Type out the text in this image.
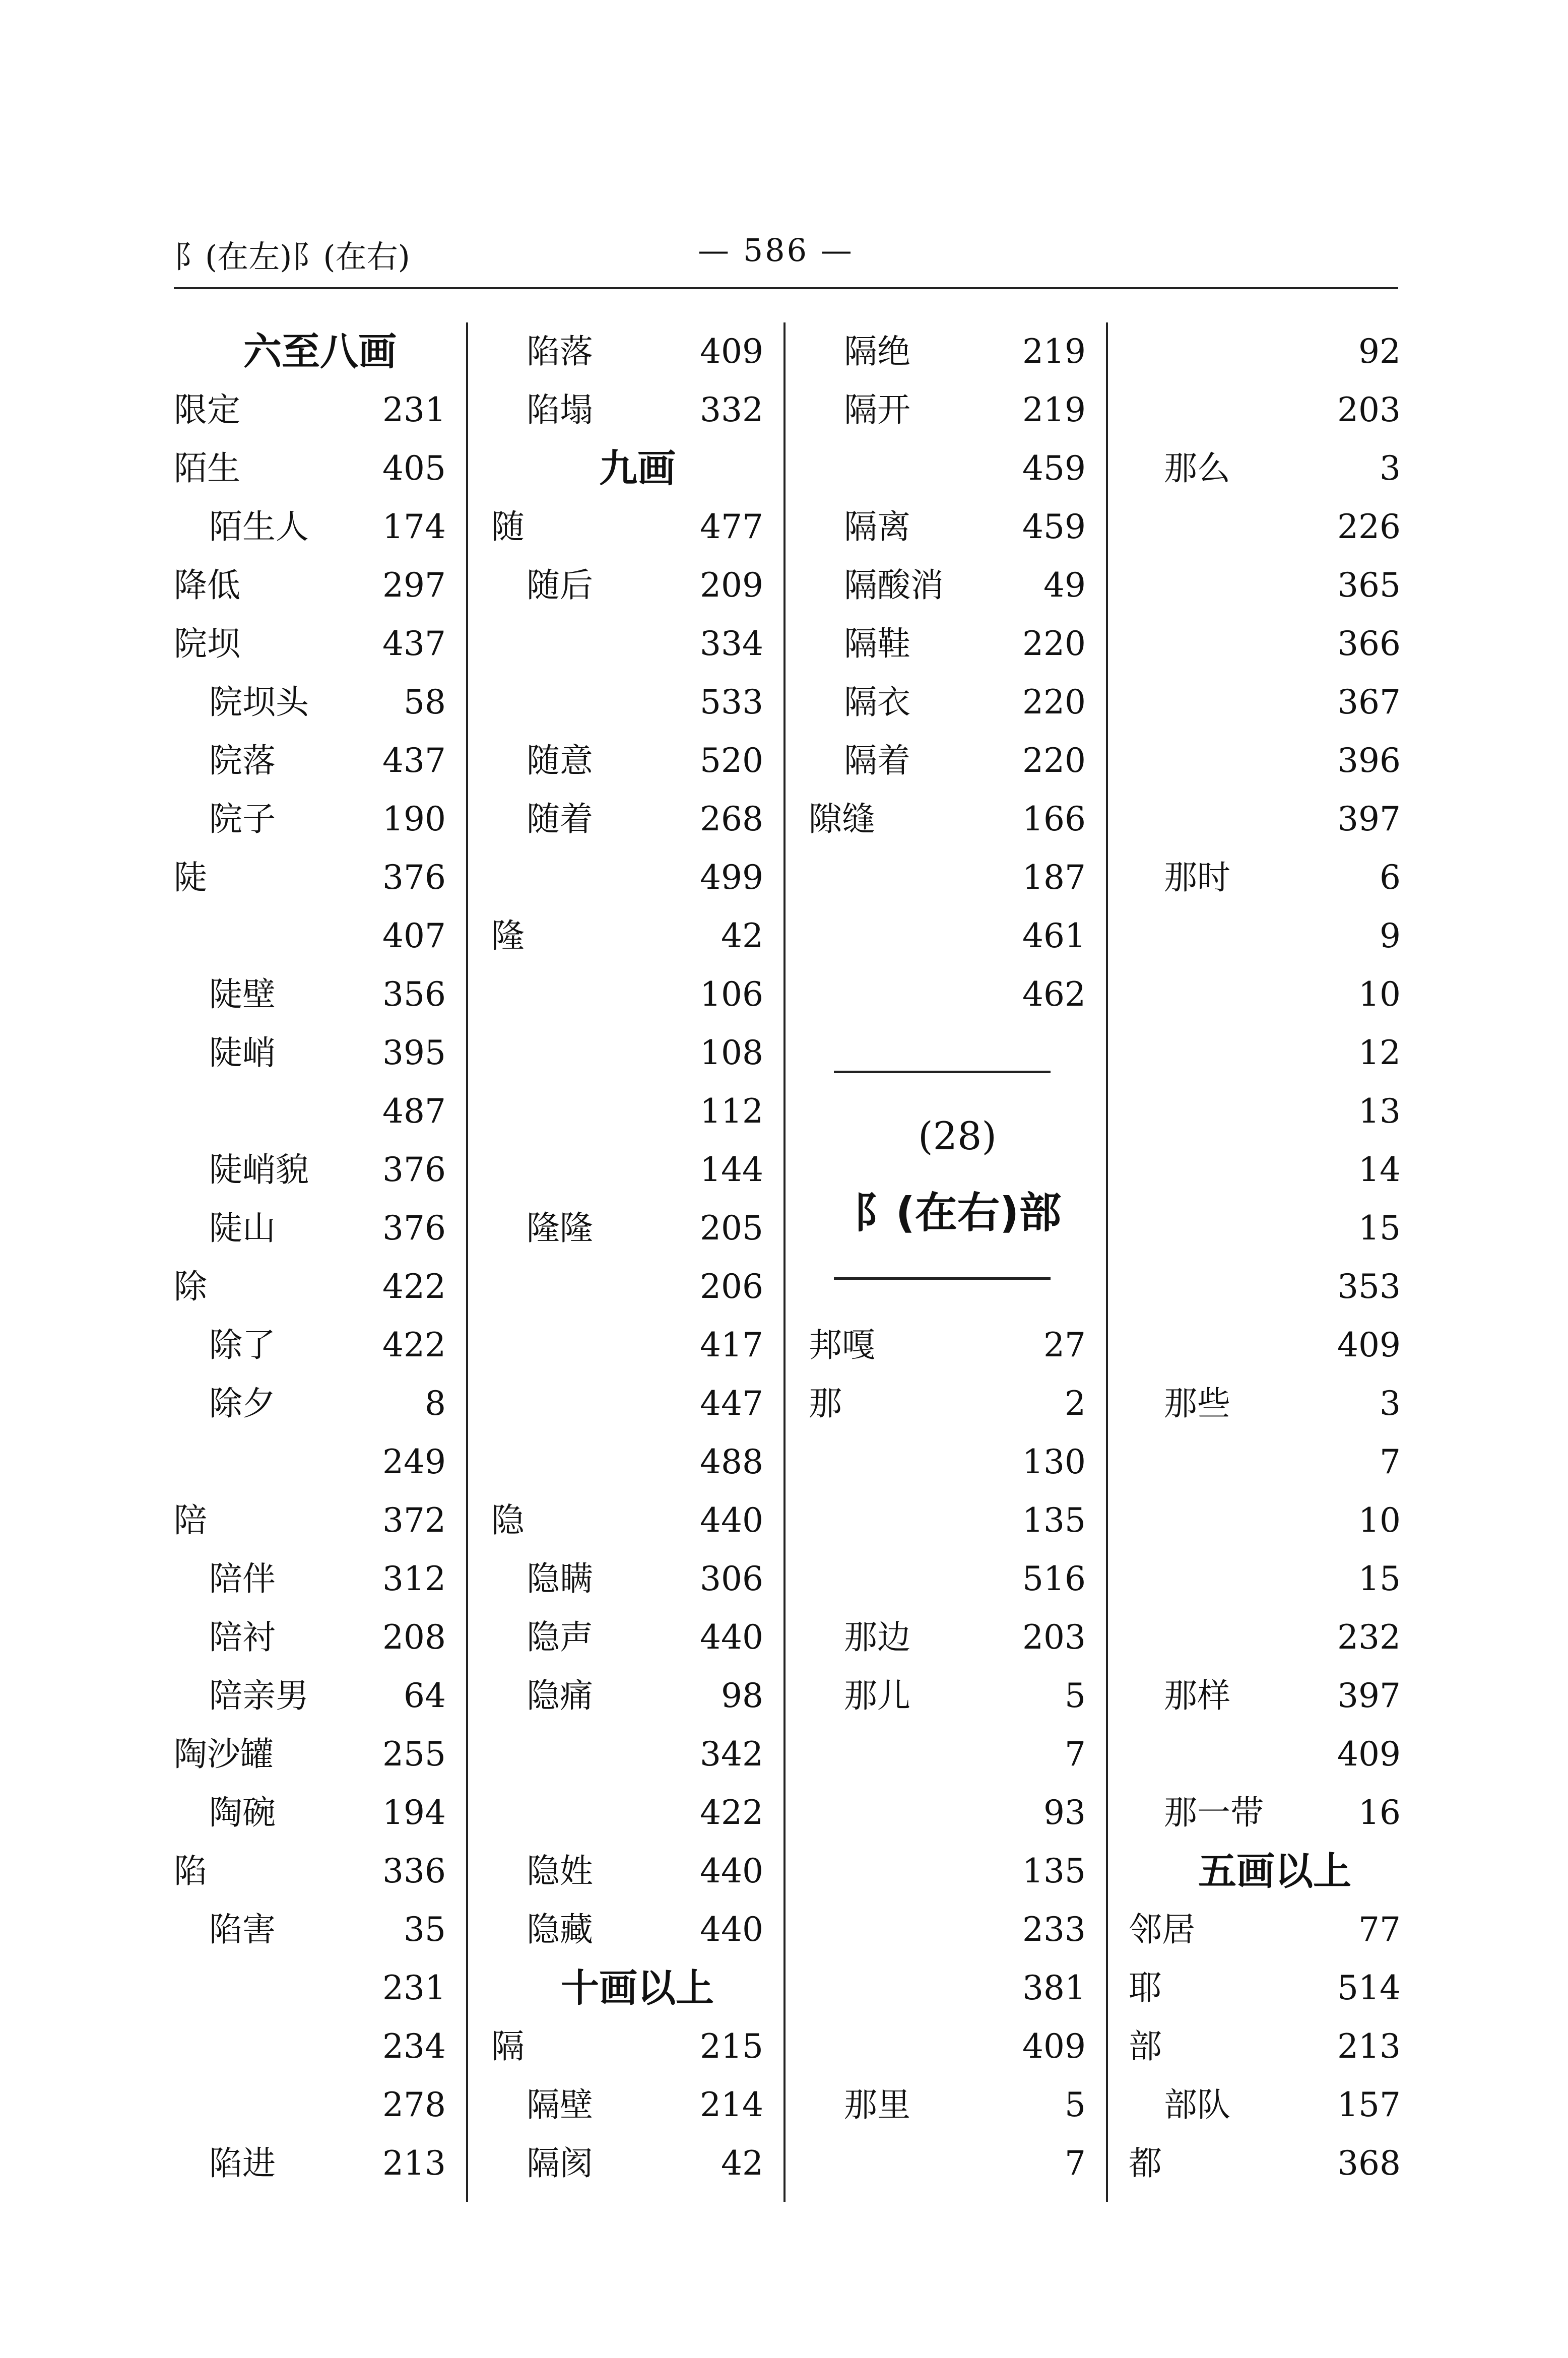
阝(在左)阝(在右)	— 586 —
六至八画
限定	231
陌生	405
陌生人 174
降低	297
院坝	437
院坝头	58
院落	437
院子	190
陡	376
407
陡壁	356
陡峭	395
487
陡峭貌 376
陡山	376
除	422
除了	422
除夕	8
249
陪	372
陪伴	312
陪衬	208
陪亲男	64
陶沙罐	255
陶碗	194
陷	336
陷害	35
231
234
278
陷进	213
陷落	409
陷塌	332
九画
随	477
随后	209
334
533
随意	520
随着	268
499
隆	42
106
108
112
144
隆隆	205
206
417
447
488
隐	440
隐瞒	306
隐声	440
隐痛	98
342
422
隐姓	440
隐藏	440
十画以上
隔	215
隔壁	214
隔阂	42
(28)
阝(在右)部
隔绝	219
隔开	219
459
隔离	459
隔酸消	49
隔鞋	220
隔衣	220
隔着	220
隙缝	166
187
461
462
邦嘎	27
那	2
130
135
516
那边	203
那儿	5
7
93
135
233
381
409
那里	5
7
92
203
那么	3
226
365
366
367
396
397
那时	6
9
10
12
13
14
15
353
409
那些	3
7
10
15
232
那样	397
409
那一带	16
五画以上
邻居	77
耶	514
部	213
部队	157
都	368
